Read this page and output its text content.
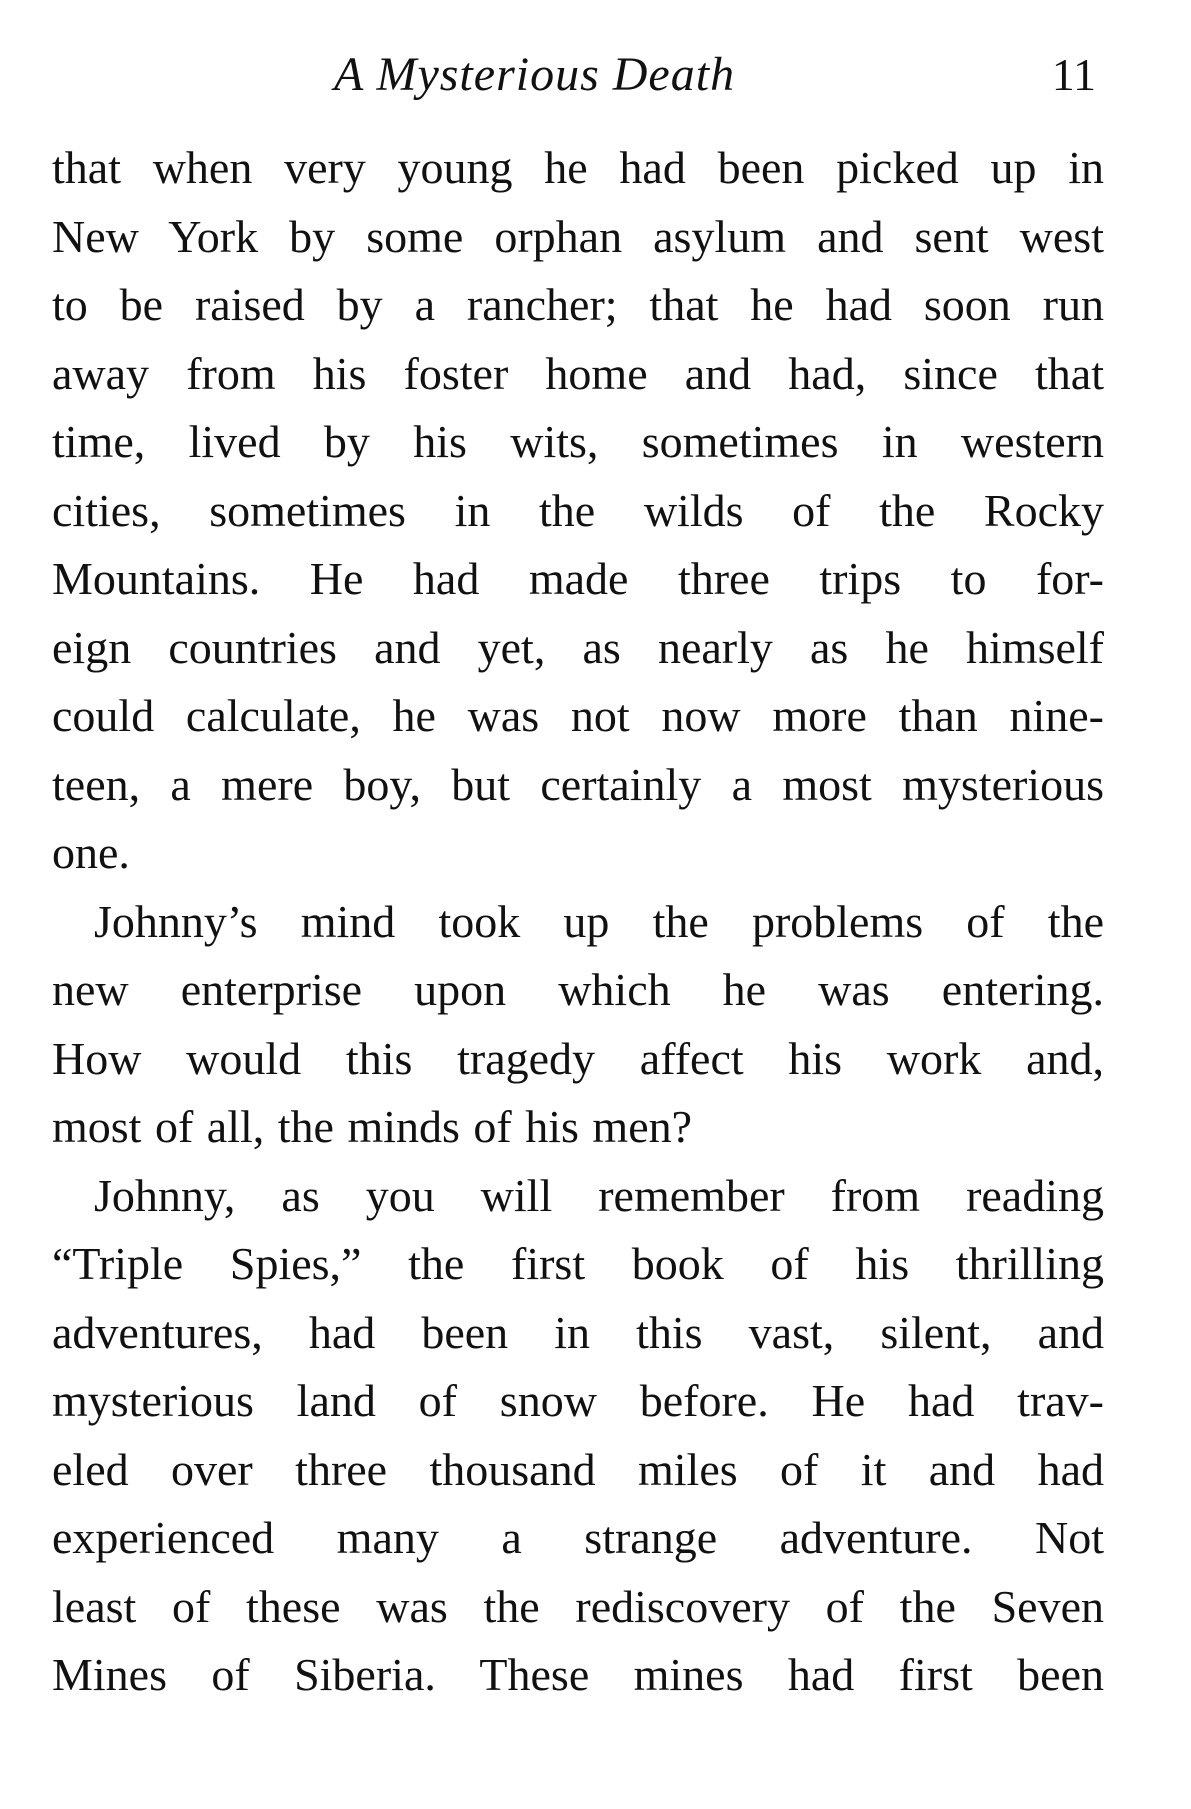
A Mysterious Death	11
that when very young he had been picked up in
New York by some orphan asylum and sent west
to be raised by a rancher; that he had soon run
away from his foster home and had, since that
time, lived by his wits, sometimes in western
cities, sometimes in the wilds of the Rocky
Mountains. He had made three trips to for-
eign countries and yet, as nearly as he himself
could calculate, he was not now more than nine-
teen, a mere boy, but certainly a most mysterious
one.
Johnny’s mind took up the problems of the
new enterprise upon which he was entering.
How would this tragedy affect his work and,
most of all, the minds of his men?
Johnny, as you will remember from reading
“Triple Spies,” the first book of his thrilling
adventures, had been in this vast, silent, and
mysterious land of snow before. He had trav-
eled over three thousand miles of it and had
experienced many a strange adventure. Not
least of these was the rediscovery of the Seven
Mines of Siberia. These mines had first been
